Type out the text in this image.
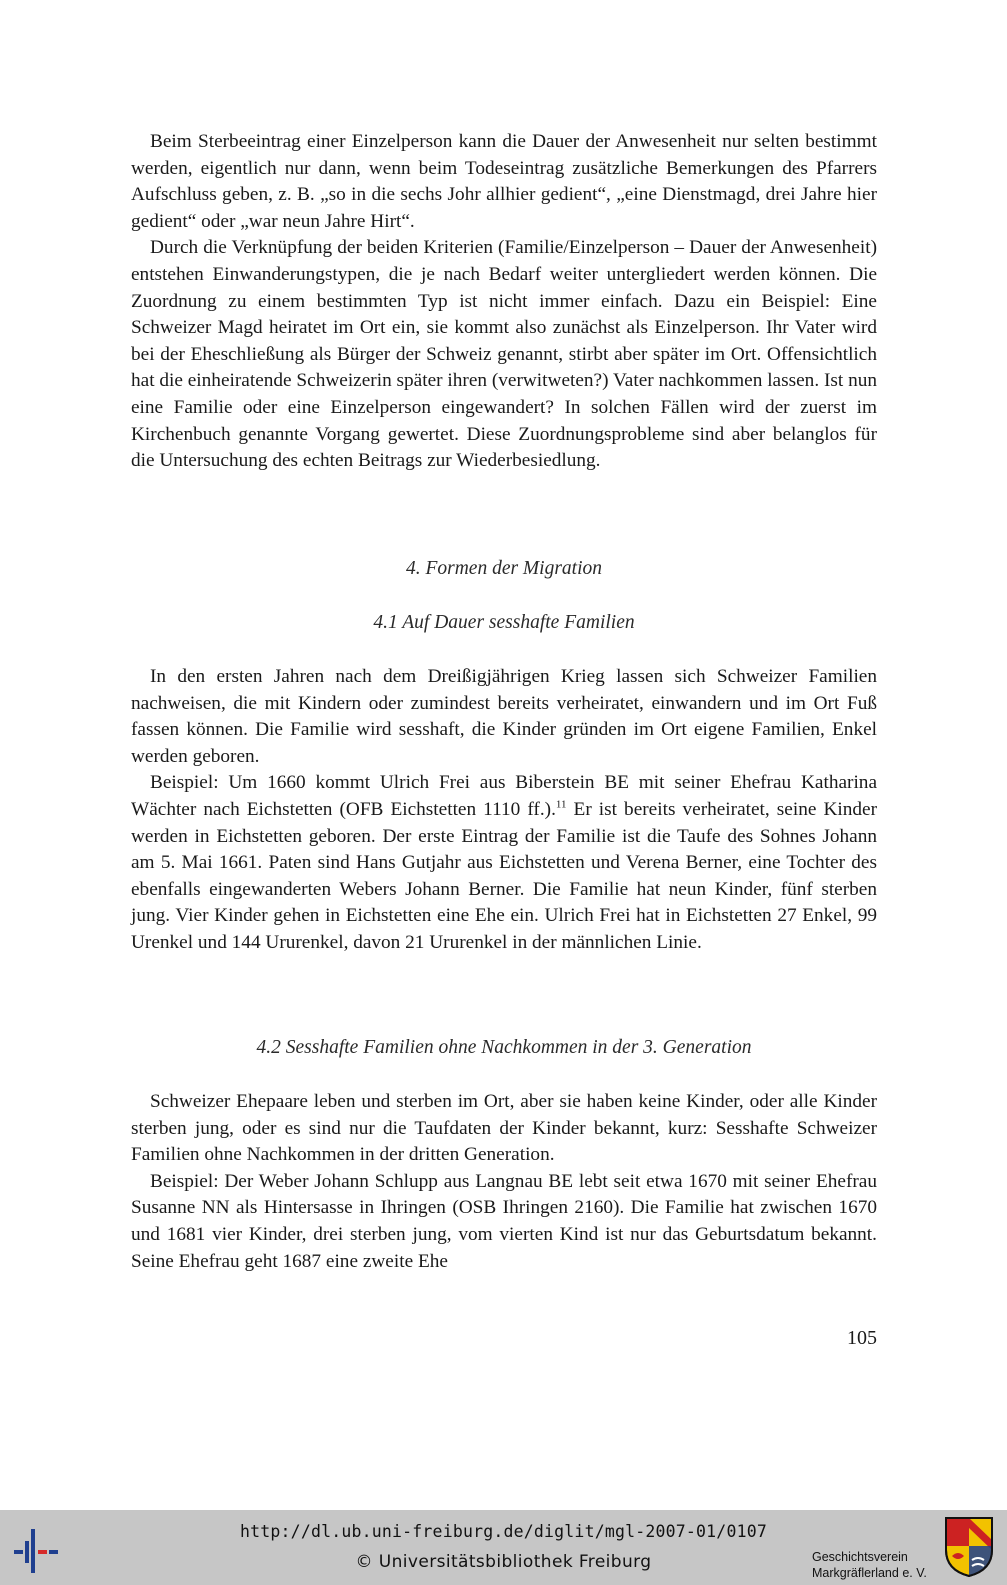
Beim Sterbeeintrag einer Einzelperson kann die Dauer der Anwesenheit nur selten bestimmt werden, eigentlich nur dann, wenn beim Todeseintrag zusätzliche Bemerkungen des Pfarrers Aufschluss geben, z. B. „so in die sechs Johr allhier gedient“, „eine Dienstmagd, drei Jahre hier gedient“ oder „war neun Jahre Hirt“.

Durch die Verknüpfung der beiden Kriterien (Familie/Einzelperson – Dauer der Anwesenheit) entstehen Einwanderungstypen, die je nach Bedarf weiter untergliedert werden können. Die Zuordnung zu einem bestimmten Typ ist nicht immer einfach. Dazu ein Beispiel: Eine Schweizer Magd heiratet im Ort ein, sie kommt also zunächst als Einzelperson. Ihr Vater wird bei der Eheschließung als Bürger der Schweiz genannt, stirbt aber später im Ort. Offensichtlich hat die einheiratende Schweizerin später ihren (verwitweten?) Vater nachkommen lassen. Ist nun eine Familie oder eine Einzelperson eingewandert? In solchen Fällen wird der zuerst im Kirchenbuch genannte Vorgang gewertet. Diese Zuordnungsprobleme sind aber belanglos für die Untersuchung des echten Beitrags zur Wiederbesiedlung.

4. Formen der Migration
4.1 Auf Dauer sesshafte Familien

In den ersten Jahren nach dem Dreißigjährigen Krieg lassen sich Schweizer Familien nachweisen, die mit Kindern oder zumindest bereits verheiratet, einwandern und im Ort Fuß fassen können. Die Familie wird sesshaft, die Kinder gründen im Ort eigene Familien, Enkel werden geboren.

Beispiel: Um 1660 kommt Ulrich Frei aus Biberstein BE mit seiner Ehefrau Katharina Wächter nach Eichstetten (OFB Eichstetten 1110 ff.).$^{11}$ Er ist bereits verheiratet, seine Kinder werden in Eichstetten geboren. Der erste Eintrag der Familie ist die Taufe des Sohnes Johann am 5. Mai 1661. Paten sind Hans Gutjahr aus Eichstetten und Verena Berner, eine Tochter des ebenfalls eingewanderten Webers Johann Berner. Die Familie hat neun Kinder, fünf sterben jung. Vier Kinder gehen in Eichstetten eine Ehe ein. Ulrich Frei hat in Eichstetten 27 Enkel, 99 Urenkel und 144 Ururenkel, davon 21 Ururenkel in der männlichen Linie.

4.2 Sesshafte Familien ohne Nachkommen in der 3. Generation

Schweizer Ehepaare leben und sterben im Ort, aber sie haben keine Kinder, oder alle Kinder sterben jung, oder es sind nur die Taufdaten der Kinder bekannt, kurz: Sesshafte Schweizer Familien ohne Nachkommen in der dritten Generation.

Beispiel: Der Weber Johann Schlupp aus Langnau BE lebt seit etwa 1670 mit seiner Ehefrau Susanne NN als Hintersasse in Ihringen (OSB Ihringen 2160). Die Familie hat zwischen 1670 und 1681 vier Kinder, drei sterben jung, vom vierten Kind ist nur das Geburtsdatum bekannt. Seine Ehefrau geht 1687 eine zweite Ehe

105
http://dl.ub.uni-freiburg.de/diglit/mgl-2007-01/0107
© Universitätsbibliothek Freiburg	Geschichtsverein
Markgräflerland e. V.
